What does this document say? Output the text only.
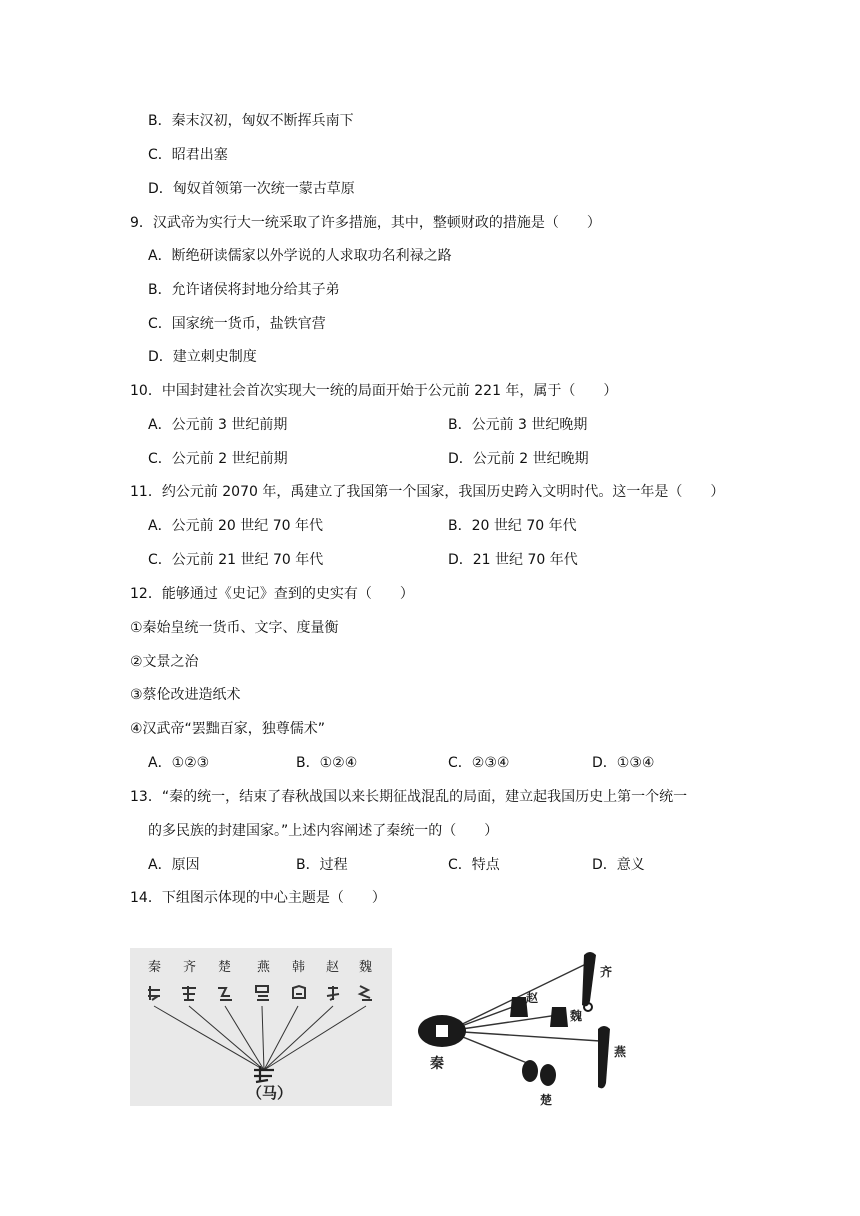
B．秦末汉初，匈奴不断挥兵南下
C．昭君出塞
D．匈奴首领第一次统一蒙古草原
9．汉武帝为实行大一统采取了许多措施，其中，整顿财政的措施是（　　）
A．断绝研读儒家以外学说的人求取功名利禄之路
B．允许诸侯将封地分给其子弟
C．国家统一货币，盐铁官营
D．建立刺史制度
10．中国封建社会首次实现大一统的局面开始于公元前 221 年，属于（　　）
A．公元前 3 世纪前期	B．公元前 3 世纪晚期
C．公元前 2 世纪前期	D．公元前 2 世纪晚期
11．约公元前 2070 年，禹建立了我国第一个国家，我国历史跨入文明时代。这一年是（　　）
A．公元前 20 世纪 70 年代	B．20 世纪 70 年代
C．公元前 21 世纪 70 年代	D．21 世纪 70 年代
12．能够通过《史记》查到的史实有（　　）
①秦始皇统一货币、文字、度量衡
②文景之治
③蔡伦改进造纸术
④汉武帝“罢黜百家，独尊儒术”
A．①②③	B．①②④	C．②③④	D．①③④
13．“秦的统一，结束了春秋战国以来长期征战混乱的局面，建立起我国历史上第一个统一
的多民族的封建国家。”上述内容阐述了秦统一的（　　）
A．原因	B．过程	C．特点	D．意义
14．下组图示体现的中心主题是（　　）
秦 齐 楚 燕 韩 赵 魏
（马）
秦
齐
赵
魏
燕
楚
